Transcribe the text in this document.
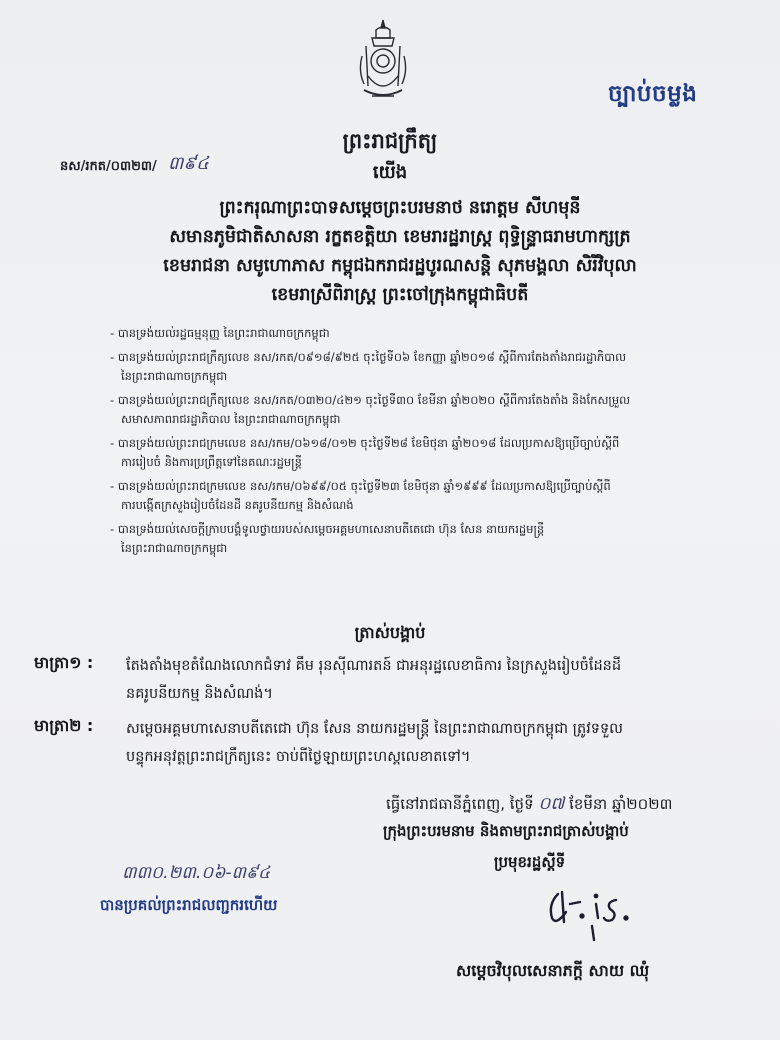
ច្បាប់ចម្លង
ព្រះរាជក្រឹត្យ
នស/រកត/០៣២៣/ ៣៩៤	យើង
ព្រះករុណាព្រះបាទសម្តេចព្រះបរមនាថ នរោត្តម សីហមុនី
សមានភូមិជាតិសាសនា រក្ខតខត្តិយា ខេមរារដ្ឋរាស្ត្រ ពុទ្ធិន្ទ្រាធរាមហាក្សត្រ
ខេមរាជនា សមូហោភាស កម្ពុជឯករាជរដ្ឋបូរណសន្តិ សុភមង្គលា សិរីវិបុលា
ខេមរាស្រីពិរាស្ត្រ ព្រះចៅក្រុងកម្ពុជាធិបតី
- បានទ្រង់យល់រដ្ឋធម្មនុញ្ញ នៃព្រះរាជាណាចក្រកម្ពុជា
- បានទ្រង់យល់ព្រះរាជក្រឹត្យលេខ នស/រកត/០៩១៨/៩២៥ ចុះថ្ងៃទី០៦ ខែកញ្ញា ឆ្នាំ២០១៨ ស្តីពីការតែងតាំងរាជរដ្ឋាភិបាល
នៃព្រះរាជាណាចក្រកម្ពុជា
- បានទ្រង់យល់ព្រះរាជក្រឹត្យលេខ នស/រកត/០៣២០/៤២១ ចុះថ្ងៃទី៣០ ខែមីនា ឆ្នាំ២០២០ ស្តីពីការតែងតាំង និងកែសម្រួល
សមាសភាពរាជរដ្ឋាភិបាល នៃព្រះរាជាណាចក្រកម្ពុជា
- បានទ្រង់យល់ព្រះរាជក្រមលេខ នស/រកម/០៦១៨/០១២ ចុះថ្ងៃទី២៨ ខែមិថុនា ឆ្នាំ២០១៨ ដែលប្រកាសឱ្យប្រើច្បាប់ស្តីពី
ការរៀបចំ និងការប្រព្រឹត្តទៅនៃគណៈរដ្ឋមន្ត្រី
- បានទ្រង់យល់ព្រះរាជក្រមលេខ នស/រកម/០៦៩៩/០៥ ចុះថ្ងៃទី២៣ ខែមិថុនា ឆ្នាំ១៩៩៩ ដែលប្រកាសឱ្យប្រើច្បាប់ស្តីពី
ការបង្កើតក្រសួងរៀបចំដែនដី នគរូបនីយកម្ម និងសំណង់
- បានទ្រង់យល់សេចក្តីក្រាបបង្គំទូលថ្វាយរបស់សម្តេចអគ្គមហាសេនាបតីតេជោ ហ៊ុន សែន នាយករដ្ឋមន្ត្រី
នៃព្រះរាជាណាចក្រកម្ពុជា
ត្រាស់បង្គាប់
មាត្រា១ : តែងតាំងមុខតំណែងលោកជំទាវ គឹម រុនស៊ីណារតន៍ ជាអនុរដ្ឋលេខាធិការ នៃក្រសួងរៀបចំដែនដី
នគរូបនីយកម្ម និងសំណង់។
មាត្រា២ : សម្តេចអគ្គមហាសេនាបតីតេជោ ហ៊ុន សែន នាយករដ្ឋមន្ត្រី នៃព្រះរាជាណាចក្រកម្ពុជា ត្រូវទទួល
បន្ទុកអនុវត្តព្រះរាជក្រឹត្យនេះ ចាប់ពីថ្ងៃឡាយព្រះហស្តលេខាតទៅ។
ធ្វើនៅរាជធានីភ្នំពេញ, ថ្ងៃទី ០៧ ខែមីនា ឆ្នាំ២០២៣
ក្រុងព្រះបរមនាម និងតាមព្រះរាជត្រាស់បង្គាប់
ប្រមុខរដ្ឋស្តីទី
សម្តេចវិបុលសេនាភក្តី សាយ ឈុំ
៣៣០.២៣.០៦-៣៩៤
បានប្រគល់ព្រះរាជលញ្ជករហើយ
